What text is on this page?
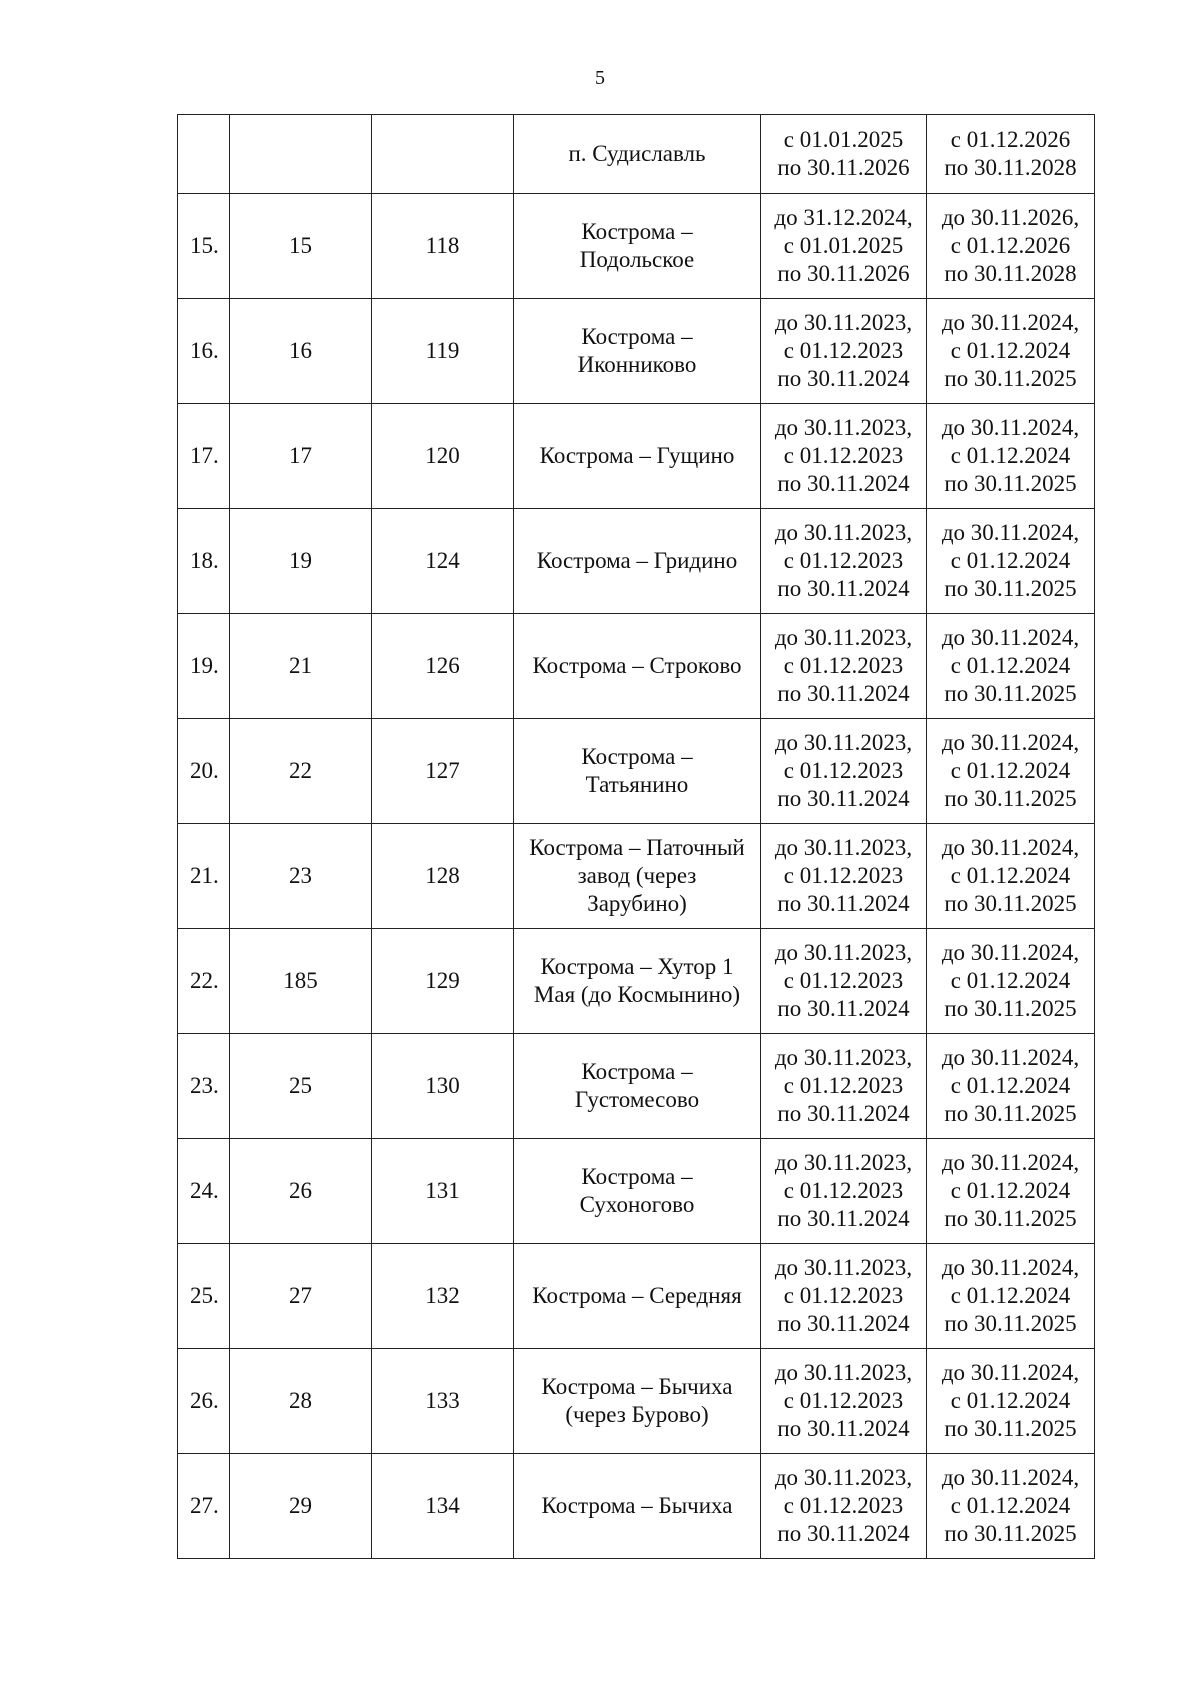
5

			п. Судиславль	с 01.01.2025
по 30.11.2026	с 01.12.2026
по 30.11.2028

15.	15	118	Кострома –
Подольское	до 31.12.2024,
с 01.01.2025
по 30.11.2026	до 30.11.2026,
с 01.12.2026
по 30.11.2028

16.	16	119	Кострома –
Иконниково	до 30.11.2023,
с 01.12.2023
по 30.11.2024	до 30.11.2024,
с 01.12.2024
по 30.11.2025

17.	17	120	Кострома – Гущино	до 30.11.2023,
с 01.12.2023
по 30.11.2024	до 30.11.2024,
с 01.12.2024
по 30.11.2025

18.	19	124	Кострома – Гридино	до 30.11.2023,
с 01.12.2023
по 30.11.2024	до 30.11.2024,
с 01.12.2024
по 30.11.2025

19.	21	126	Кострома – Строково	до 30.11.2023,
с 01.12.2023
по 30.11.2024	до 30.11.2024,
с 01.12.2024
по 30.11.2025

20.	22	127	Кострома –
Татьянино	до 30.11.2023,
с 01.12.2023
по 30.11.2024	до 30.11.2024,
с 01.12.2024
по 30.11.2025

21.	23	128	Кострома – Паточный
завод (через
Зарубино)	до 30.11.2023,
с 01.12.2023
по 30.11.2024	до 30.11.2024,
с 01.12.2024
по 30.11.2025

22.	185	129	Кострома – Хутор 1
Мая (до Космынино)	до 30.11.2023,
с 01.12.2023
по 30.11.2024	до 30.11.2024,
с 01.12.2024
по 30.11.2025

23.	25	130	Кострома –
Густомесово	до 30.11.2023,
с 01.12.2023
по 30.11.2024	до 30.11.2024,
с 01.12.2024
по 30.11.2025

24.	26	131	Кострома –
Сухоногово	до 30.11.2023,
с 01.12.2023
по 30.11.2024	до 30.11.2024,
с 01.12.2024
по 30.11.2025

25.	27	132	Кострома – Середняя	до 30.11.2023,
с 01.12.2023
по 30.11.2024	до 30.11.2024,
с 01.12.2024
по 30.11.2025

26.	28	133	Кострома – Бычиха
(через Бурово)	до 30.11.2023,
с 01.12.2023
по 30.11.2024	до 30.11.2024,
с 01.12.2024
по 30.11.2025

27.	29	134	Кострома – Бычиха	до 30.11.2023,
с 01.12.2023
по 30.11.2024	до 30.11.2024,
с 01.12.2024
по 30.11.2025
